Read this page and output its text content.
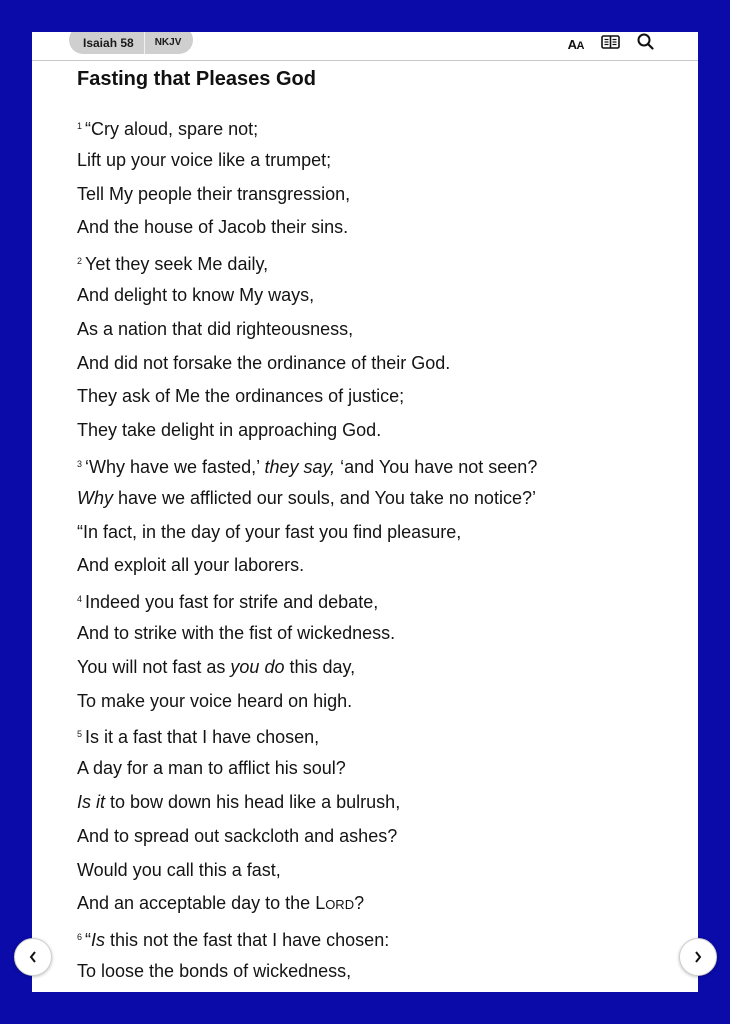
Isaiah 58	NKJV	AA
Fasting that Pleases God
$^1$ “Cry aloud, spare not;
Lift up your voice like a trumpet;
Tell My people their transgression,
And the house of Jacob their sins.
$^2$ Yet they seek Me daily,
And delight to know My ways,
As a nation that did righteousness,
And did not forsake the ordinance of their God.
They ask of Me the ordinances of justice;
They take delight in approaching God.
$^3$ ‘Why have we fasted,’ they say, ‘and You have not seen?
Why have we afflicted our souls, and You take no notice?’
“In fact, in the day of your fast you find pleasure,
And exploit all your laborers.
$^4$ Indeed you fast for strife and debate,
And to strike with the fist of wickedness.
You will not fast as you do this day,
To make your voice heard on high.
$^5$ Is it a fast that I have chosen,
A day for a man to afflict his soul?
Is it to bow down his head like a bulrush,
And to spread out sackcloth and ashes?
Would you call this a fast,
And an acceptable day to the Lord?
$^6$ “Is this not the fast that I have chosen:
To loose the bonds of wickedness,
